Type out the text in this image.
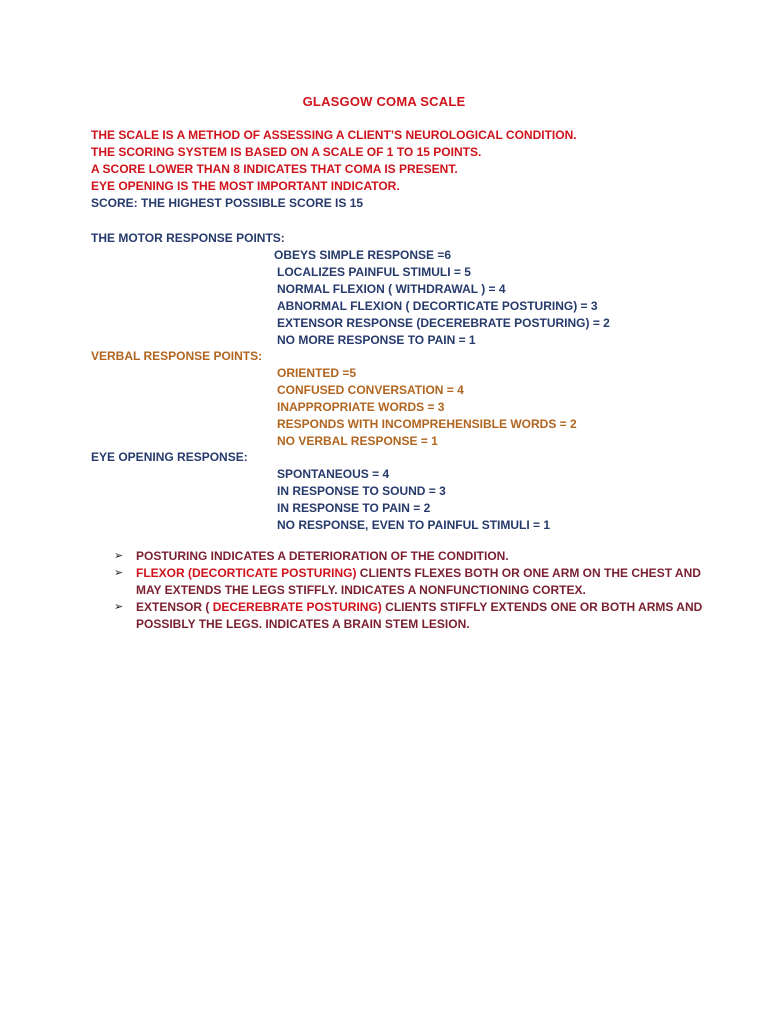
GLASGOW COMA SCALE
THE SCALE IS A METHOD OF ASSESSING A CLIENT’S NEUROLOGICAL CONDITION.
THE SCORING SYSTEM IS BASED ON A SCALE OF 1 TO 15 POINTS.
A SCORE LOWER THAN 8 INDICATES THAT COMA IS PRESENT.
EYE OPENING IS THE MOST IMPORTANT INDICATOR.
SCORE: THE HIGHEST POSSIBLE SCORE IS 15
THE MOTOR RESPONSE POINTS:
OBEYS SIMPLE RESPONSE =6
LOCALIZES PAINFUL STIMULI = 5
NORMAL FLEXION ( WITHDRAWAL ) = 4
ABNORMAL FLEXION ( DECORTICATE POSTURING) = 3
EXTENSOR RESPONSE (DECEREBRATE POSTURING) = 2
NO MORE RESPONSE TO PAIN = 1
VERBAL RESPONSE POINTS:
ORIENTED =5
CONFUSED CONVERSATION = 4
INAPPROPRIATE WORDS = 3
RESPONDS WITH INCOMPREHENSIBLE WORDS = 2
NO VERBAL RESPONSE = 1
EYE OPENING RESPONSE:
SPONTANEOUS = 4
IN RESPONSE TO SOUND = 3
IN RESPONSE TO PAIN = 2
NO RESPONSE, EVEN TO PAINFUL STIMULI = 1
➢ POSTURING INDICATES A DETERIORATION OF THE CONDITION.
➢ FLEXOR (DECORTICATE POSTURING) CLIENTS FLEXES BOTH OR ONE ARM ON THE CHEST AND
MAY EXTENDS THE LEGS STIFFLY. INDICATES A NONFUNCTIONING CORTEX.
➢ EXTENSOR ( DECEREBRATE POSTURING) CLIENTS STIFFLY EXTENDS ONE OR BOTH ARMS AND
POSSIBLY THE LEGS. INDICATES A BRAIN STEM LESION.
